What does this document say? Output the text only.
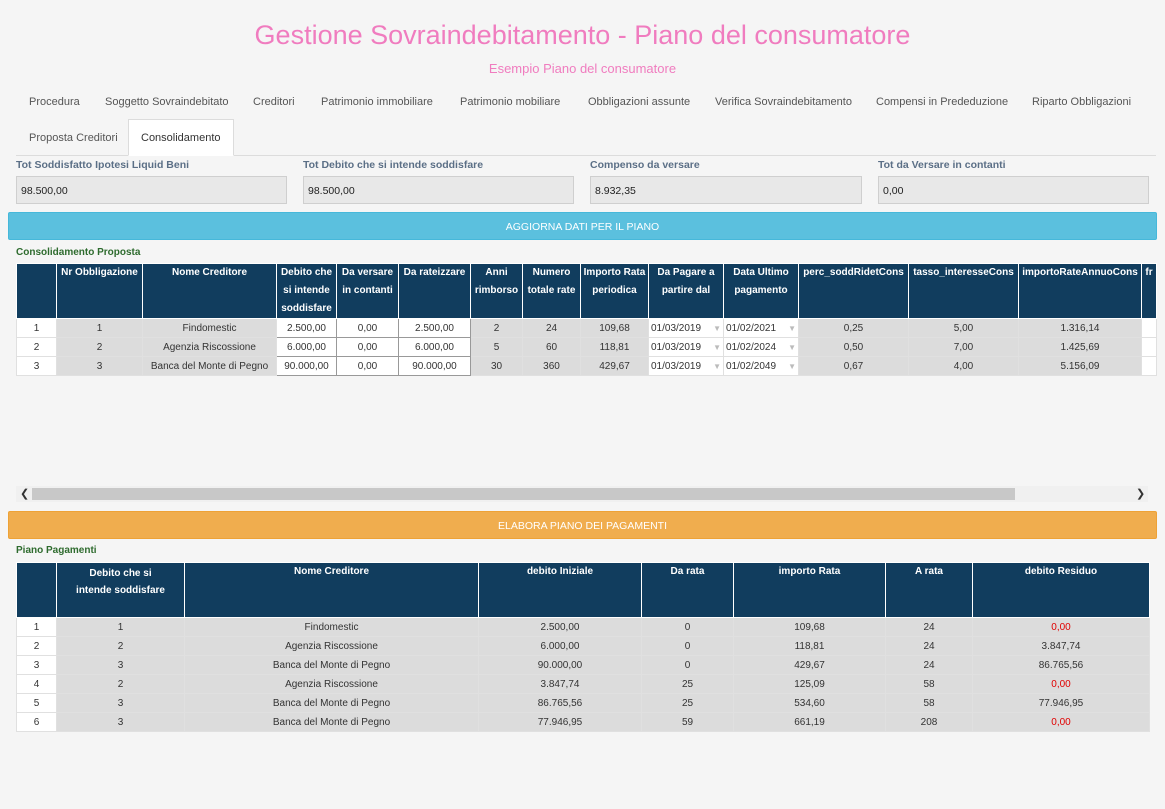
Gestione Sovraindebitamento - Piano del consumatore
Esempio Piano del consumatore
Procedura Soggetto Sovraindebitato Creditori Patrimonio immobiliare Patrimonio mobiliare	Obbligazioni assunte Verifica Sovraindebitamento Compensi in Prededuzione Riparto Obbligazioni
Proposta Creditori	Consolidamento
Tot Soddisfatto Ipotesi Liquid Beni
98.500,00
Tot Debito che si intende soddisfare
98.500,00
Compenso da versare
8.932,35
Tot da Versare in contanti
0,00
AGGIORNA DATI PER IL PIANO
Consolidamento Proposta
	Nr Obbligazione	Nome Creditore	Debito che si intende soddisfare	Da versare in contanti	Da rateizzare	Anni rimborso	Numero totale rate	Importo Rata periodica	Da Pagare a partire dal	Data Ultimo pagamento	perc_soddRidetCons	tasso_interesseCons	importoRateAnnuoCons	fr
1	1	Findomestic	2.500,00	0,00	2.500,00	2	24	109,68	01/03/2019 ▼	01/02/2021 ▼	0,25	5,00	1.316,14	
2	2	Agenzia Riscossione	6.000,00	0,00	6.000,00	5	60	118,81	01/03/2019 ▼	01/02/2024 ▼	0,50	7,00	1.425,69	
3	3	Banca del Monte di Pegno	90.000,00	0,00	90.000,00	30	360	429,67	01/03/2019 ▼	01/02/2049 ▼	0,67	4,00	5.156,09	
❮	❯
ELABORA PIANO DEI PAGAMENTI
Piano Pagamenti
	Debito che si intende soddisfare	Nome Creditore	debito Iniziale	Da rata	importo Rata	A rata	debito Residuo
1	1	Findomestic	2.500,00	0	109,68	24	0,00
2	2	Agenzia Riscossione	6.000,00	0	118,81	24	3.847,74
3	3	Banca del Monte di Pegno	90.000,00	0	429,67	24	86.765,56
4	2	Agenzia Riscossione	3.847,74	25	125,09	58	0,00
5	3	Banca del Monte di Pegno	86.765,56	25	534,60	58	77.946,95
6	3	Banca del Monte di Pegno	77.946,95	59	661,19	208	0,00
